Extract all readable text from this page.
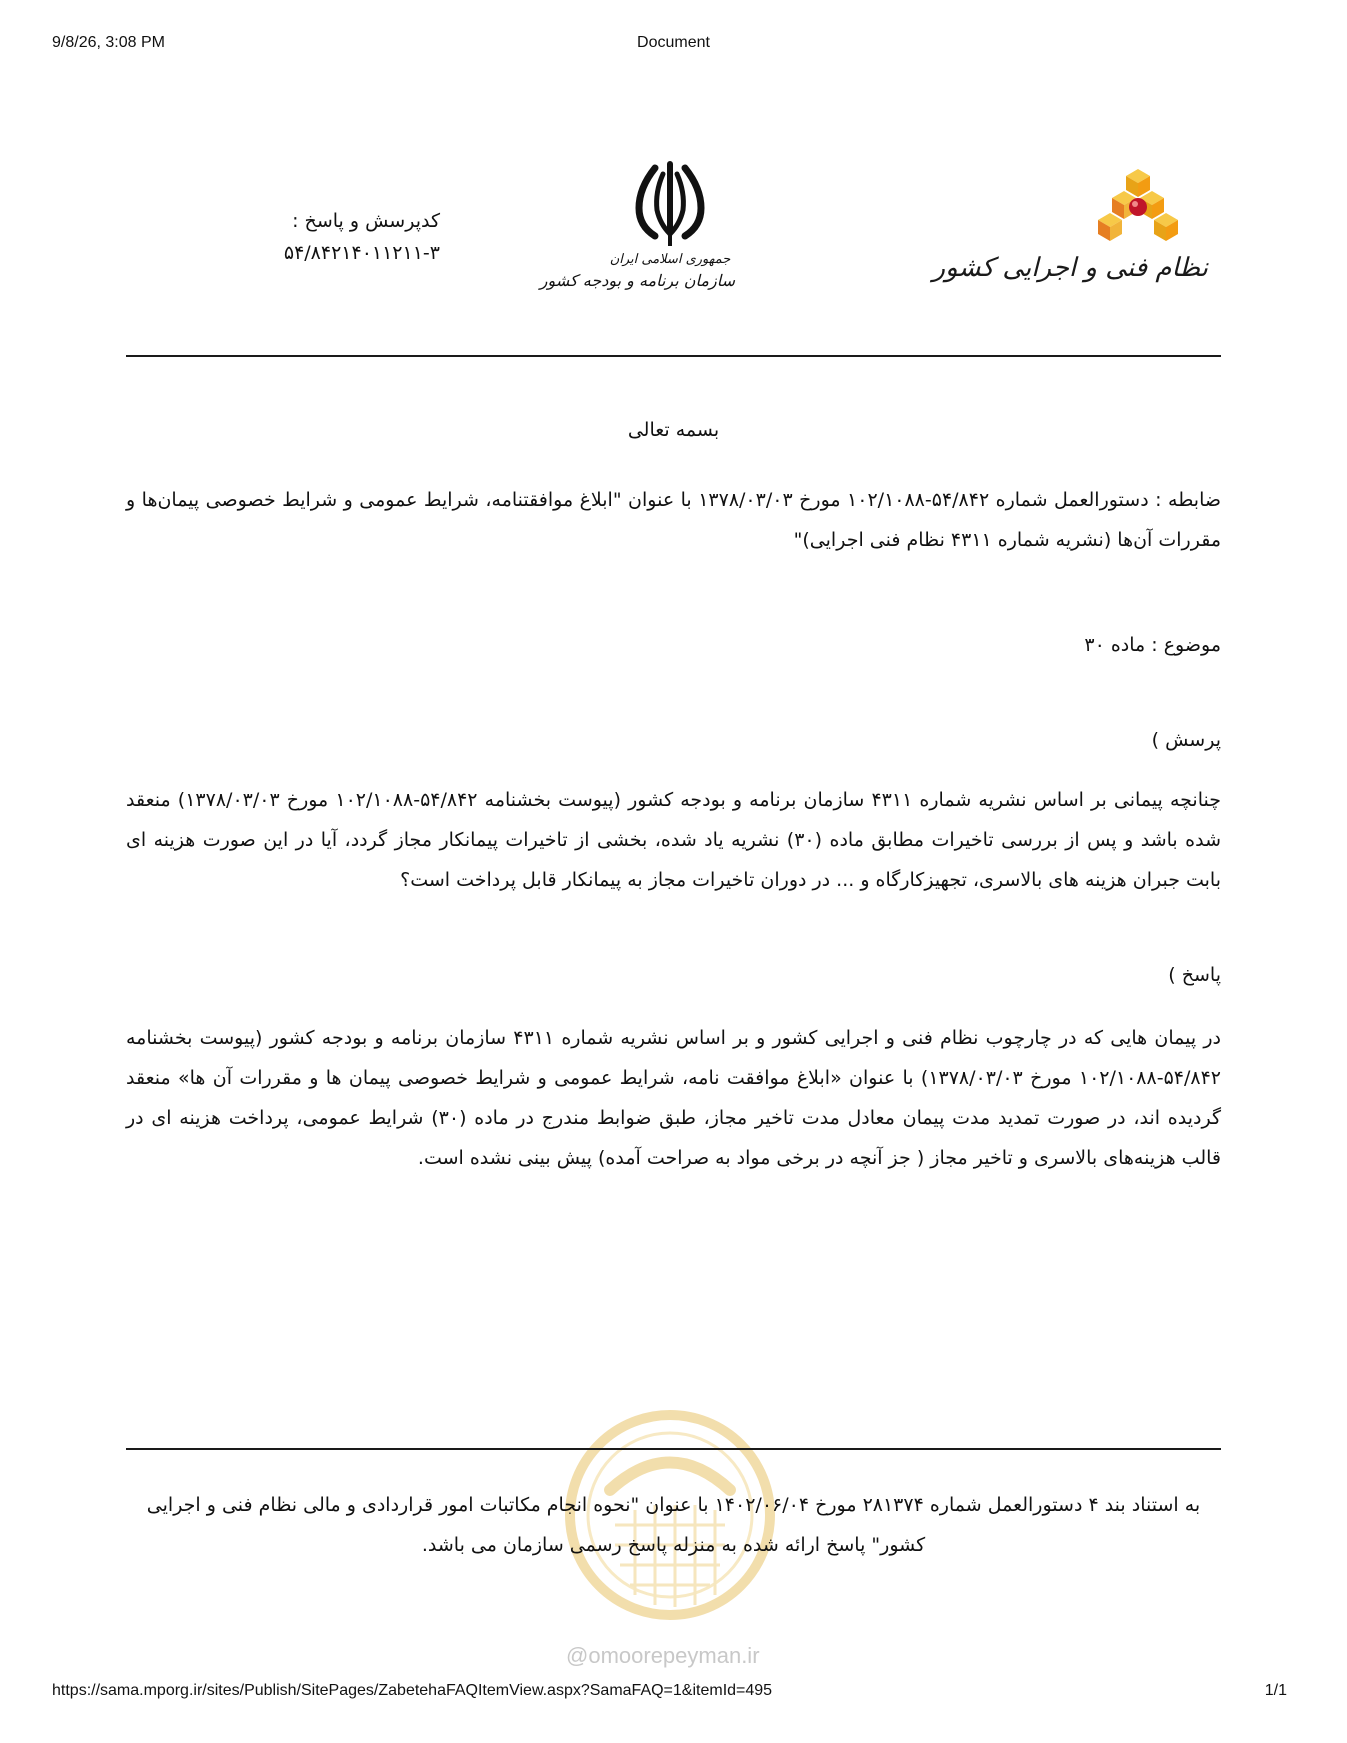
9/8/26, 3:08 PM	Document
نظام فنی و اجرایی کشور
جمهوری اسلامی ایران
سازمان برنامه و بودجه کشور
کدپرسش و پاسخ :
۵۴/۸۴۲۱۴۰۱۱۲۱۱-۳
بسمه تعالی
ضابطه : دستورالعمل شماره ۵۴/۸۴۲-۱۰۲/۱۰۸۸ مورخ ۱۳۷۸/۰۳/۰۳ با عنوان "ابلاغ موافقتنامه، شرایط عمومی و شرایط خصوصی پیمان‌ها و مقررات آن‌ها (نشریه شماره ۴۳۱۱ نظام فنی اجرایی)"
موضوع : ماده ۳۰
پرسش )
چنانچه پیمانی بر اساس نشریه شماره ۴۳۱۱ سازمان برنامه و بودجه کشور (پیوست بخشنامه ۵۴/۸۴۲-۱۰۲/۱۰۸۸ مورخ ۱۳۷۸/۰۳/۰۳) منعقد شده باشد و پس از بررسی تاخیرات مطابق ماده (۳۰) نشریه یاد شده، بخشی از تاخیرات پیمانکار مجاز گردد، آیا در این صورت هزینه ای بابت جبران هزینه های بالاسری، تجهیزکارگاه و ... در دوران تاخیرات مجاز به پیمانکار قابل پرداخت است؟
پاسخ )
در پیمان هایی که در چارچوب نظام فنی و اجرایی کشور و بر اساس نشریه شماره ۴۳۱۱ سازمان برنامه و بودجه کشور (پیوست بخشنامه ۵۴/۸۴۲-۱۰۲/۱۰۸۸ مورخ ۱۳۷۸/۰۳/۰۳) با عنوان «ابلاغ موافقت نامه، شرایط عمومی و شرایط خصوصی پیمان ها و مقررات آن ها» منعقد گردیده اند، در صورت تمدید مدت پیمان معادل مدت تاخیر مجاز، طبق ضوابط مندرج در ماده (۳۰) شرایط عمومی، پرداخت هزینه ای در قالب هزینه‌های بالاسری و تاخیر مجاز ( جز آنچه در برخی مواد به صراحت آمده) پیش بینی نشده است.
@omoorepeyman.ir
به استناد بند ۴ دستورالعمل شماره ۲۸۱۳۷۴ مورخ ۱۴۰۲/۰۶/۰۴ با عنوان "نحوه انجام مکاتبات امور قراردادی و مالی نظام فنی و اجرایی کشور" پاسخ ارائه شده به منزله پاسخ رسمی سازمان می باشد.
https://sama.mporg.ir/sites/Publish/SitePages/ZabetehaFAQItemView.aspx?SamaFAQ=1&itemId=495	1/1
